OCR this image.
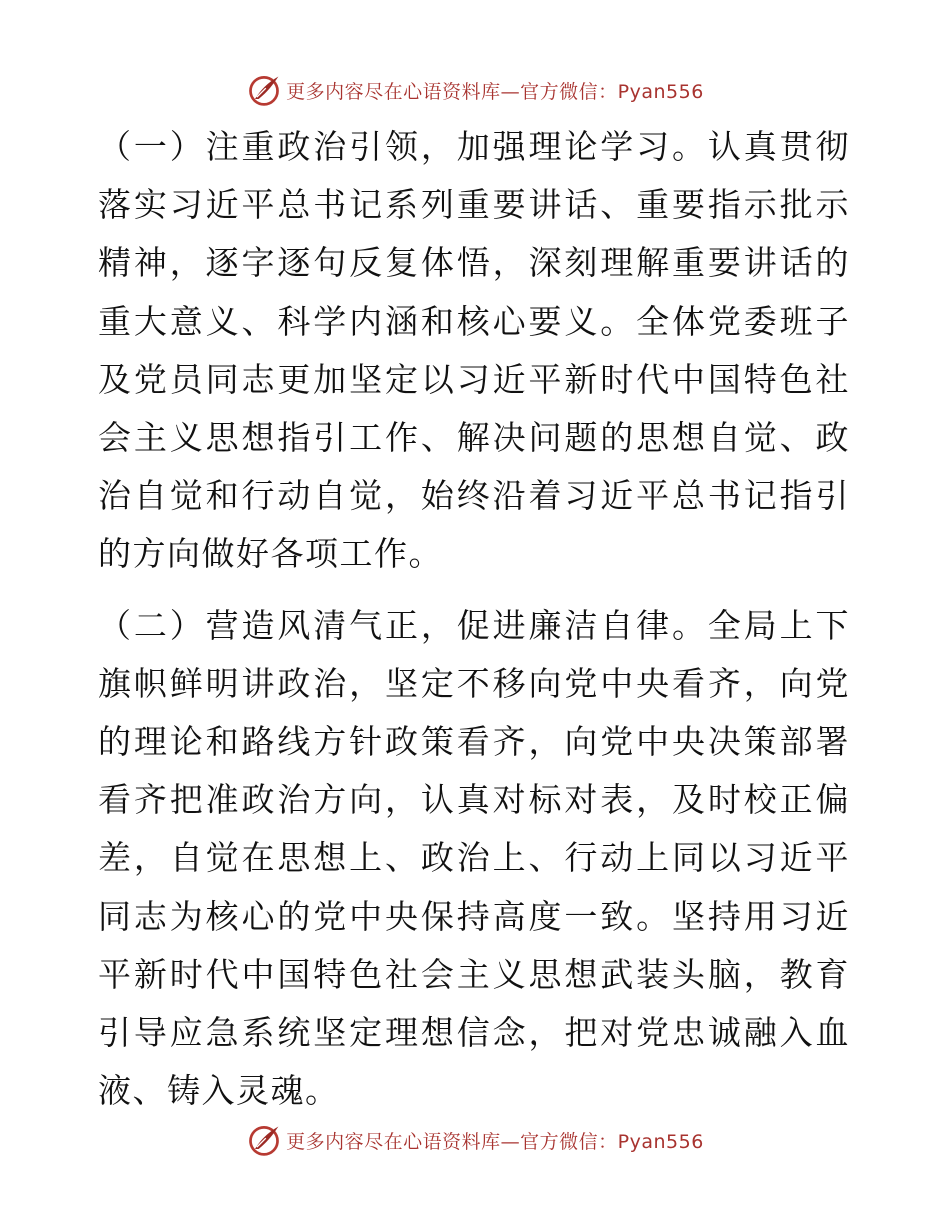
更多内容尽在心语资料库—官方微信：Pyan556

（一）注重政治引领，加强理论学习。认真贯彻落实习近平总书记系列重要讲话、重要指示批示精神，逐字逐句反复体悟，深刻理解重要讲话的重大意义、科学内涵和核心要义。全体党委班子及党员同志更加坚定以习近平新时代中国特色社会主义思想指引工作、解决问题的思想自觉、政治自觉和行动自觉，始终沿着习近平总书记指引的方向做好各项工作。

（二）营造风清气正，促进廉洁自律。全局上下旗帜鲜明讲政治，坚定不移向党中央看齐，向党的理论和路线方针政策看齐，向党中央决策部署看齐把准政治方向，认真对标对表，及时校正偏差，自觉在思想上、政治上、行动上同以习近平同志为核心的党中央保持高度一致。坚持用习近平新时代中国特色社会主义思想武装头脑，教育引导应急系统坚定理想信念，把对党忠诚融入血液、铸入灵魂。

更多内容尽在心语资料库—官方微信：Pyan556
